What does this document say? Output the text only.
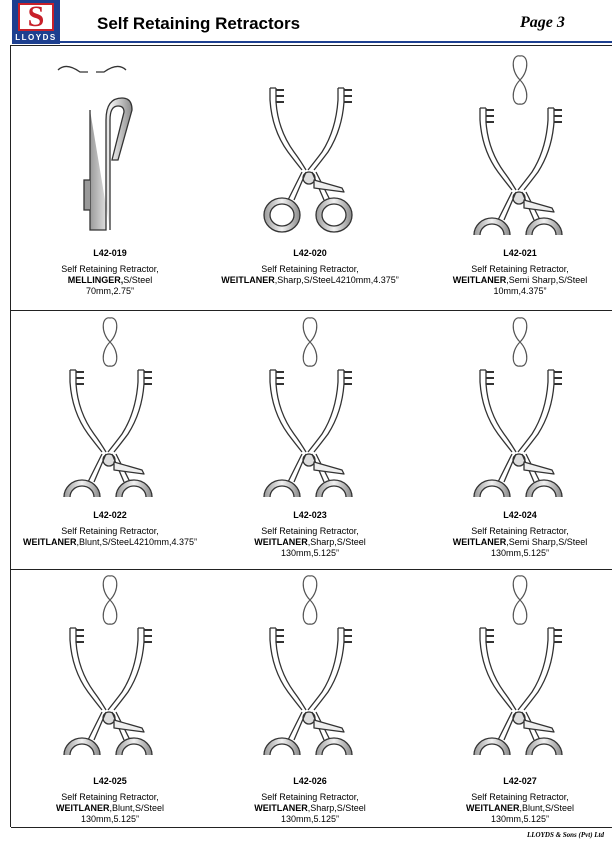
S
LLOYDS
Self Retaining Retractors	Page 3
L42-019
Self Retaining Retractor,
MELLINGER,S/Steel
70mm,2.75”
L42-020
Self Retaining Retractor,
WEITLANER,Sharp,S/SteeL4210mm,4.375”
L42-021
Self Retaining Retractor,
WEITLANER,Semi Sharp,S/Steel
10mm,4.375”
L42-022
Self Retaining Retractor,
WEITLANER,Blunt,S/SteeL4210mm,4.375”
L42-023
Self Retaining Retractor,
WEITLANER,Sharp,S/Steel
130mm,5.125”
L42-024
Self Retaining Retractor,
WEITLANER,Semi Sharp,S/Steel
130mm,5.125”
L42-025
Self Retaining Retractor,
WEITLANER,Blunt,S/Steel
130mm,5.125”
L42-026
Self Retaining Retractor,
WEITLANER,Sharp,S/Steel
130mm,5.125”
L42-027
Self Retaining Retractor,
WEITLANER,Blunt,S/Steel
130mm,5.125”
LLOYDS & Sons (Pvt) Ltd
